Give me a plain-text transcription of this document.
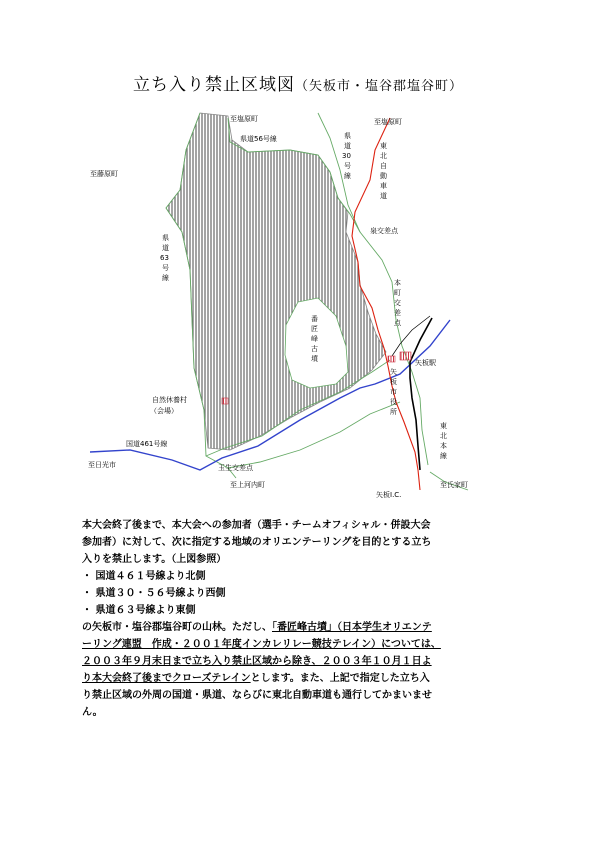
立ち入り禁止区域図（矢板市・塩谷郡塩谷町）
至塩原町
県道56号線
至藤原町
至塩原町
県
道
30
号
線
東
北
自
動
車
道
泉交差点
県
道
63
号
線
本
町
交
差
点
番
匠
峰
古
墳	矢板駅
矢
板
市
役
所
自然休養村
（会場）
東
北
本
線
国道461号線
至日光市	玉生交差点
至上河内町	至氏家町
矢板I.C.

本大会終了後まで、本大会への参加者（選手・チームオフィシャル・併設大会

参加者）に対して、次に指定する地域のオリエンテーリングを目的とする立ち

入りを禁止します。（上図参照）

・ 国道４６１号線より北側
・ 県道３０・５６号線より西側
・ 県道６３号線より東側

の矢板市・塩谷郡塩谷町の山林。ただし、「番匠峰古墳」（日本学生オリエンテ

ーリング連盟　作成・２００１年度インカレリレー競技テレイン）については、

２００３年９月末日まで立ち入り禁止区域から除き、２００３年１０月１日よ

り本大会終了後までクローズテレインとします。また、上記で指定した立ち入

り禁止区域の外周の国道・県道、ならびに東北自動車道も通行してかまいませ

ん。
